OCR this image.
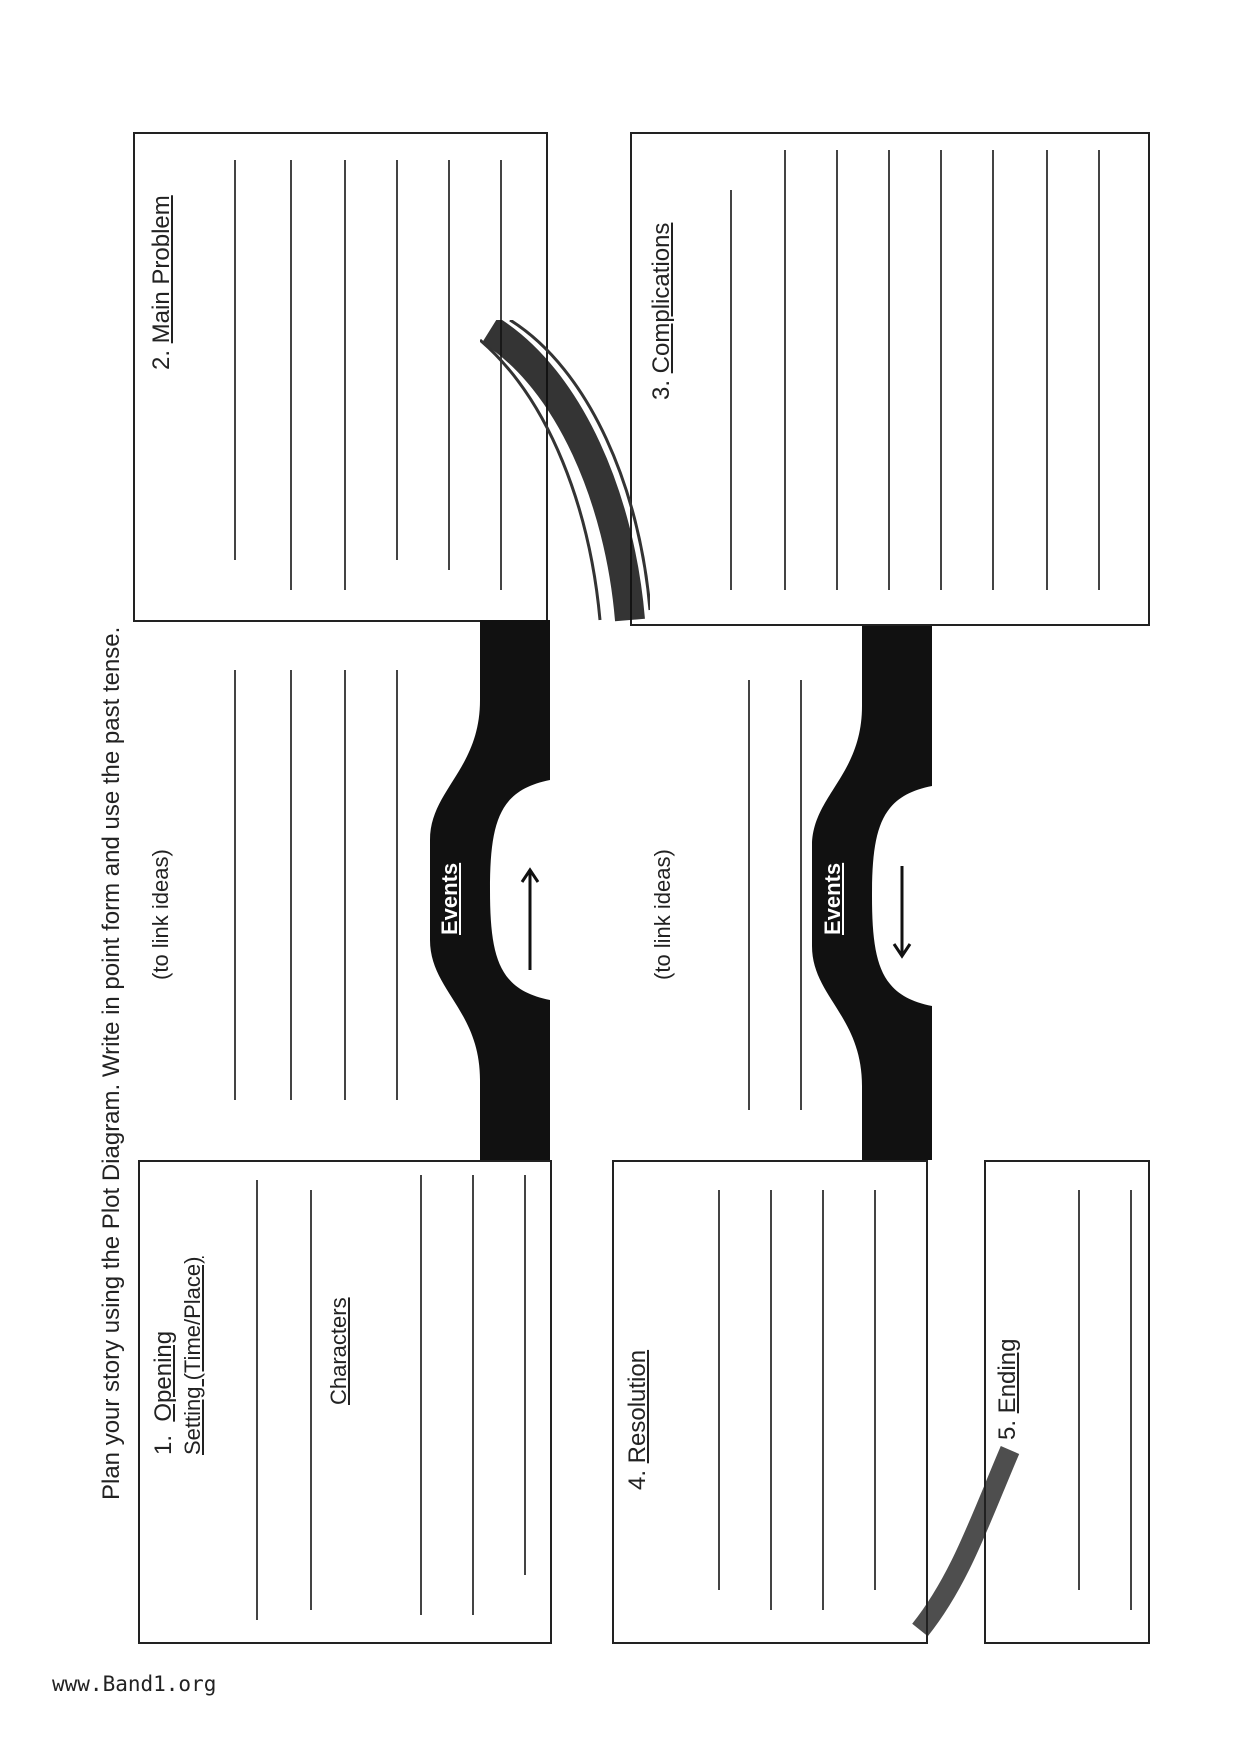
Plan your story using the Plot Diagram. Write in point form and use the past tense. 1.  Opening Setting (Time/Place)	Characters
2. Main Problem
3. Complications
4. Resolution	5. Ending
Events	Events
(to link ideas)	(to link ideas)
www.Band1.org
